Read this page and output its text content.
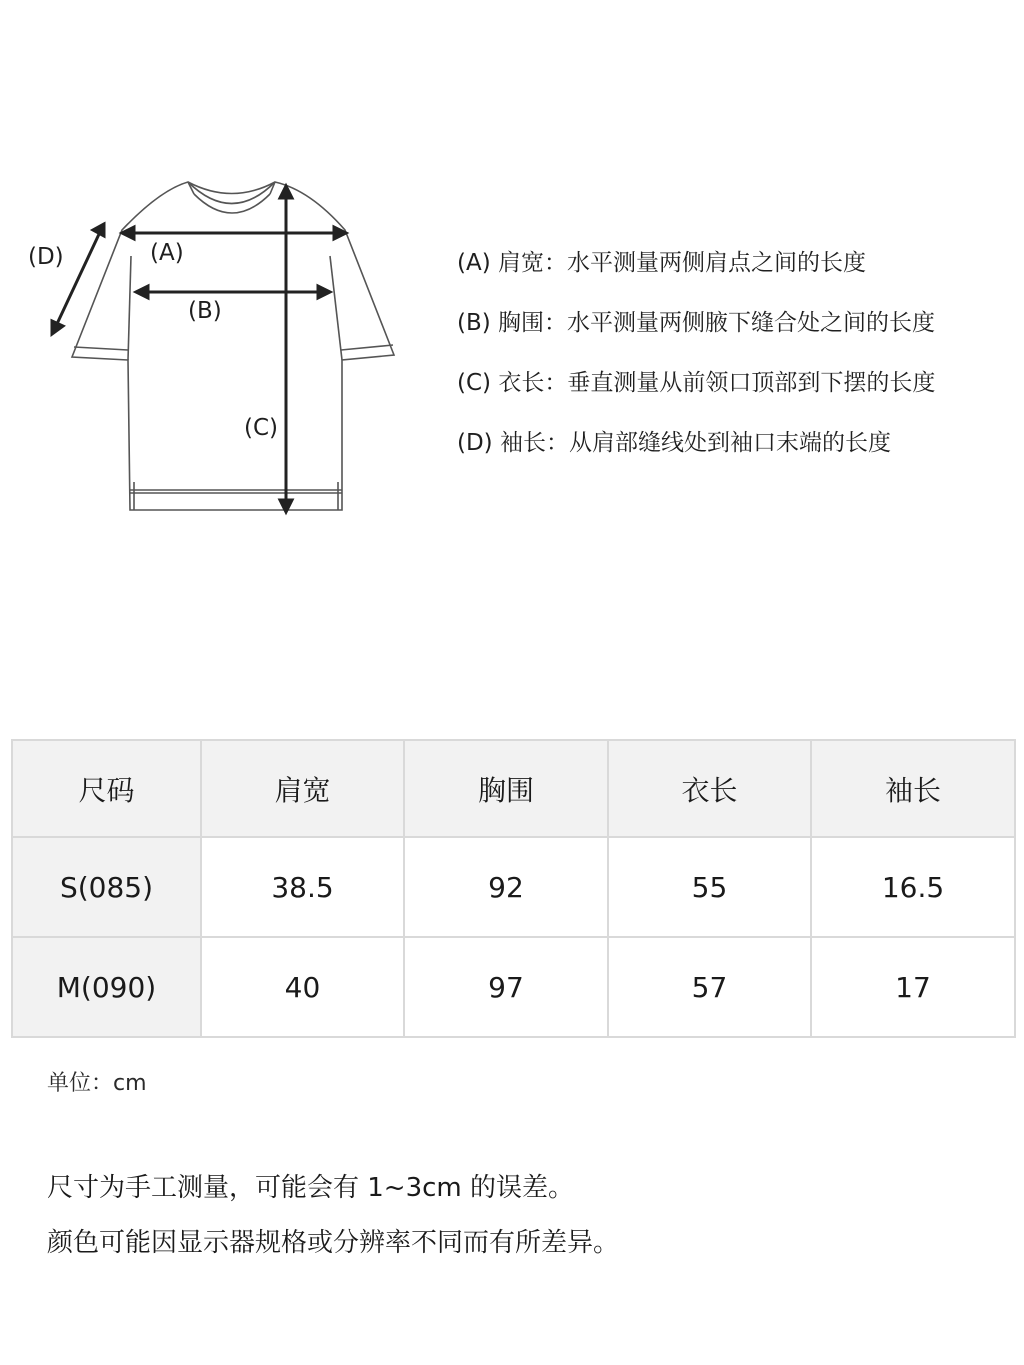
(A)
(B)
(C)
(D)	(A) 肩宽：水平测量两侧肩点之间的长度
(B) 胸围：水平测量两侧腋下缝合处之间的长度
(C) 衣长：垂直测量从前领口顶部到下摆的长度
(D) 袖长：从肩部缝线处到袖口末端的长度
尺码	肩宽	胸围	衣长	袖长
S(085)	38.5	92	55	16.5
M(090)	40	97	57	17
单位：cm
尺寸为手工测量，可能会有 1~3cm 的误差。
颜色可能因显示器规格或分辨率不同而有所差异。
